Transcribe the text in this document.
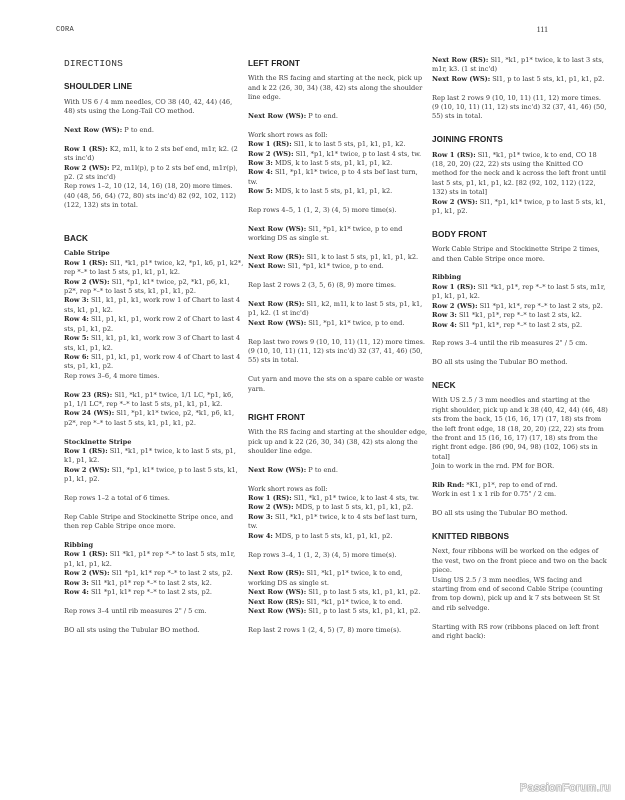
CORA	111
DIRECTIONS
SHOULDER LINE

With US 6 / 4 mm needles, CO 38 (40, 42, 44) (46, 48) sts using the Long-Tail CO method.

Next Row (WS): P to end.

Row 1 (RS): K2, m1l, k to 2 sts bef end, m1r, k2. (2 sts inc'd)
Row 2 (WS): P2, m1l(p), p to 2 sts bef end, m1r(p), p2. (2 sts inc'd)
Rep rows 1–2, 10 (12, 14, 16) (18, 20) more times. (40 (48, 56, 64) (72, 80) sts inc'd) 82 (92, 102, 112) (122, 132) sts in total.

BACK

Cable Stripe
Row 1 (RS): Sl1, *k1, p1* twice, k2, *p1, k6, p1, k2*, rep *–* to last 5 sts, p1, k1, p1, k2.
Row 2 (WS): Sl1, *p1, k1* twice, p2, *k1, p6, k1, p2*, rep *–* to last 5 sts, k1, p1, k1, p2.
Row 3: Sl1, k1, p1, k1, work row 1 of Chart to last 4 sts, k1, p1, k2.
Row 4: Sl1, p1, k1, p1, work row 2 of Chart to last 4 sts, p1, k1, p2.
Row 5: Sl1, k1, p1, k1, work row 3 of Chart to last 4 sts, k1, p1, k2.
Row 6: Sl1, p1, k1, p1, work row 4 of Chart to last 4 sts, p1, k1, p2.
Rep rows 3–6, 4 more times.

Row 23 (RS): Sl1, *k1, p1* twice, 1/1 LC, *p1, k6, p1, 1/1 LC*, rep *–* to last 5 sts, p1, k1, p1, k2.
Row 24 (WS): Sl1, *p1, k1* twice, p2, *k1, p6, k1, p2*, rep *–* to last 5 sts, k1, p1, k1, p2.

Stockinette Stripe
Row 1 (RS): Sl1, *k1, p1* twice, k to last 5 sts, p1, k1, p1, k2.
Row 2 (WS): Sl1, *p1, k1* twice, p to last 5 sts, k1, p1, k1, p2.

Rep rows 1–2 a total of 6 times.

Rep Cable Stripe and Stockinette Stripe once, and then rep Cable Stripe once more.

Ribbing
Row 1 (RS): Sl1 *k1, p1* rep *–* to last 5 sts, m1r, p1, k1, p1, k2.
Row 2 (WS): Sl1 *p1, k1* rep *–* to last 2 sts, p2.
Row 3: Sl1 *k1, p1* rep *–* to last 2 sts, k2.
Row 4: Sl1 *p1, k1* rep *–* to last 2 sts, p2.

Rep rows 3–4 until rib measures 2" / 5 cm.

BO all sts using the Tubular BO method.

LEFT FRONT

With the RS facing and starting at the neck, pick up and k 22 (26, 30, 34) (38, 42) sts along the shoulder line edge.

Next Row (WS): P to end.

Work short rows as foll:
Row 1 (RS): Sl1, k to last 5 sts, p1, k1, p1, k2.
Row 2 (WS): Sl1, *p1, k1* twice, p to last 4 sts, tw.
Row 3: MDS, k to last 5 sts, p1, k1, p1, k2.
Row 4: Sl1, *p1, k1* twice, p to 4 sts bef last turn, tw.
Row 5: MDS, k to last 5 sts, p1, k1, p1, k2.

Rep rows 4–5, 1 (1, 2, 3) (4, 5) more time(s).

Next Row (WS): Sl1, *p1, k1* twice, p to end working DS as single st.

Next Row (RS): Sl1, k to last 5 sts, p1, k1, p1, k2.
Next Row: Sl1, *p1, k1* twice, p to end.

Rep last 2 rows 2 (3, 5, 6) (8, 9) more times.

Next Row (RS): Sl1, k2, m1l, k to last 5 sts, p1, k1, p1, k2. (1 st inc'd)
Next Row (WS): Sl1, *p1, k1* twice, p to end.

Rep last two rows 9 (10, 10, 11) (11, 12) more times. (9 (10, 10, 11) (11, 12) sts inc'd) 32 (37, 41, 46) (50, 55) sts in total.

Cut yarn and move the sts on a spare cable or waste yarn.

RIGHT FRONT

With the RS facing and starting at the shoulder edge, pick up and k 22 (26, 30, 34) (38, 42) sts along the shoulder line edge.

Next Row (WS): P to end.

Work short rows as foll:
Row 1 (RS): Sl1, *k1, p1* twice, k to last 4 sts, tw.
Row 2 (WS): MDS, p to last 5 sts, k1, p1, k1, p2.
Row 3: Sl1, *k1, p1* twice, k to 4 sts bef last turn, tw.
Row 4: MDS, p to last 5 sts, k1, p1, k1, p2.

Rep rows 3–4, 1 (1, 2, 3) (4, 5) more time(s).

Next Row (RS): Sl1, *k1, p1* twice, k to end, working DS as single st.
Next Row (WS): Sl1, p to last 5 sts, k1, p1, k1, p2.
Next Row (RS): Sl1, *k1, p1* twice, k to end.
Next Row (WS): Sl1, p to last 5 sts, k1, p1, k1, p2.

Rep last 2 rows 1 (2, 4, 5) (7, 8) more time(s).

Next Row (RS): Sl1, *k1, p1* twice, k to last 3 sts, m1r, k3. (1 st inc'd)
Next Row (WS): Sl1, p to last 5 sts, k1, p1, k1, p2.

Rep last 2 rows 9 (10, 10, 11) (11, 12) more times. (9 (10, 10, 11) (11, 12) sts inc'd) 32 (37, 41, 46) (50, 55) sts in total.

JOINING FRONTS

Row 1 (RS): Sl1, *k1, p1* twice, k to end, CO 18 (18, 20, 20) (22, 22) sts using the Knitted CO method for the neck and k across the left front until last 5 sts, p1, k1, p1, k2. [82 (92, 102, 112) (122, 132) sts in total]
Row 2 (WS): Sl1, *p1, k1* twice, p to last 5 sts, k1, p1, k1, p2.

BODY FRONT

Work Cable Stripe and Stockinette Stripe 2 times, and then Cable Stripe once more.

Ribbing
Row 1 (RS): Sl1 *k1, p1*, rep *–* to last 5 sts, m1r, p1, k1, p1, k2.
Row 2 (WS): Sl1 *p1, k1*, rep *–* to last 2 sts, p2.
Row 3: Sl1 *k1, p1*, rep *–* to last 2 sts, k2.
Row 4: Sl1 *p1, k1*, rep *–* to last 2 sts, p2.

Rep rows 3–4 until the rib measures 2" / 5 cm.

BO all sts using the Tubular BO method.

NECK

With US 2.5 / 3 mm needles and starting at the right shoulder, pick up and k 38 (40, 42, 44) (46, 48) sts from the back, 15 (16, 16, 17) (17, 18) sts from the left front edge, 18 (18, 20, 20) (22, 22) sts from the front and 15 (16, 16, 17) (17, 18) sts from the right front edge. [86 (90, 94, 98) (102, 106) sts in total]
Join to work in the rnd. PM for BOR.

Rib Rnd: *K1, p1*, rep to end of rnd.
Work in est 1 x 1 rib for 0.75" / 2 cm.

BO all sts using the Tubular BO method.

KNITTED RIBBONS

Next, four ribbons will be worked on the edges of the vest, two on the front piece and two on the back piece.
Using US 2.5 / 3 mm needles, WS facing and starting from end of second Cable Stripe (counting from top down), pick up and k 7 sts between St St and rib selvedge.

Starting with RS row (ribbons placed on left front and right back):

PassionForum.ru
